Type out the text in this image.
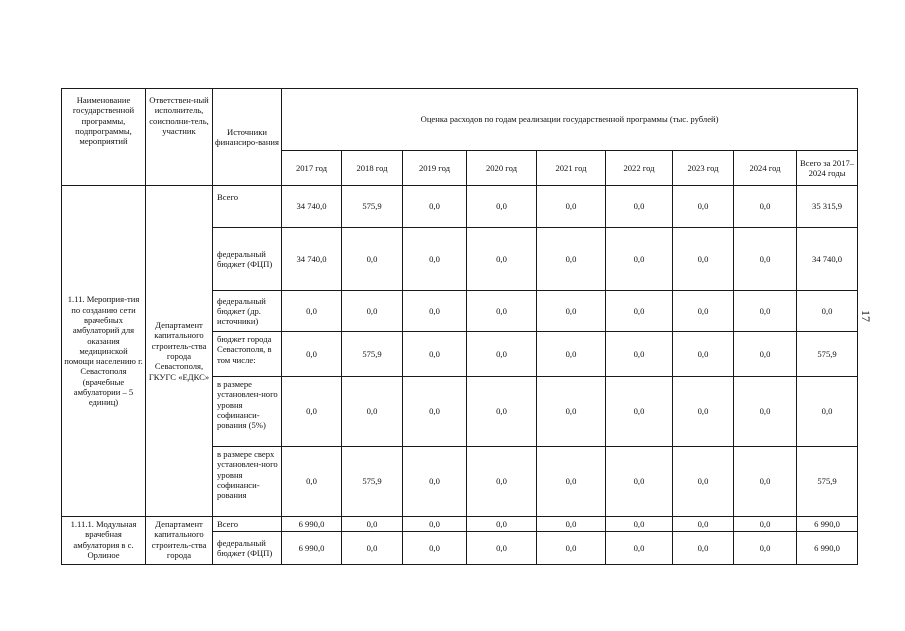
Наименование государственной программы, подпрограммы, мероприятий	Ответствен-ный исполнитель, соисполни-тель, участник	Источники финансиро-вания	Оценка расходов по годам реализации государственной программы (тыс. рублей)								
			2017 год	2018 год	2019 год	2020 год	2021 год	2022 год	2023 год	2024 год	Всего за 2017–2024 годы
1.11. Мероприя-тия по созданию сети врачебных амбулаторий для оказания медицинской помощи населению г. Севастополя (врачебные амбулатории – 5 единиц)	Департамент капитального строитель-ства города Севастополя, ГКУГС «ЕДКС»	Всего	34 740,0	575,9	0,0	0,0	0,0	0,0	0,0	0,0	35 315,9
		федеральный бюджет (ФЦП)	34 740,0	0,0	0,0	0,0	0,0	0,0	0,0	0,0	34 740,0
		федеральный бюджет (др. источники)	0,0	0,0	0,0	0,0	0,0	0,0	0,0	0,0	0,0
		бюджет города Севастополя, в том числе:	0,0	575,9	0,0	0,0	0,0	0,0	0,0	0,0	575,9
		в размере установлен-ного уровня софинанси-рования (5%)	0,0	0,0	0,0	0,0	0,0	0,0	0,0	0,0	0,0
		в размере сверх установлен-ного уровня софинанси-рования	0,0	575,9	0,0	0,0	0,0	0,0	0,0	0,0	575,9
1.11.1. Модульная врачебная амбулатория в с. Орлиное	Департамент капитального строитель-ства города	Всего	6 990,0	0,0	0,0	0,0	0,0	0,0	0,0	0,0	6 990,0
		федеральный бюджет (ФЦП)	6 990,0	0,0	0,0	0,0	0,0	0,0	0,0	0,0	6 990,0
17
